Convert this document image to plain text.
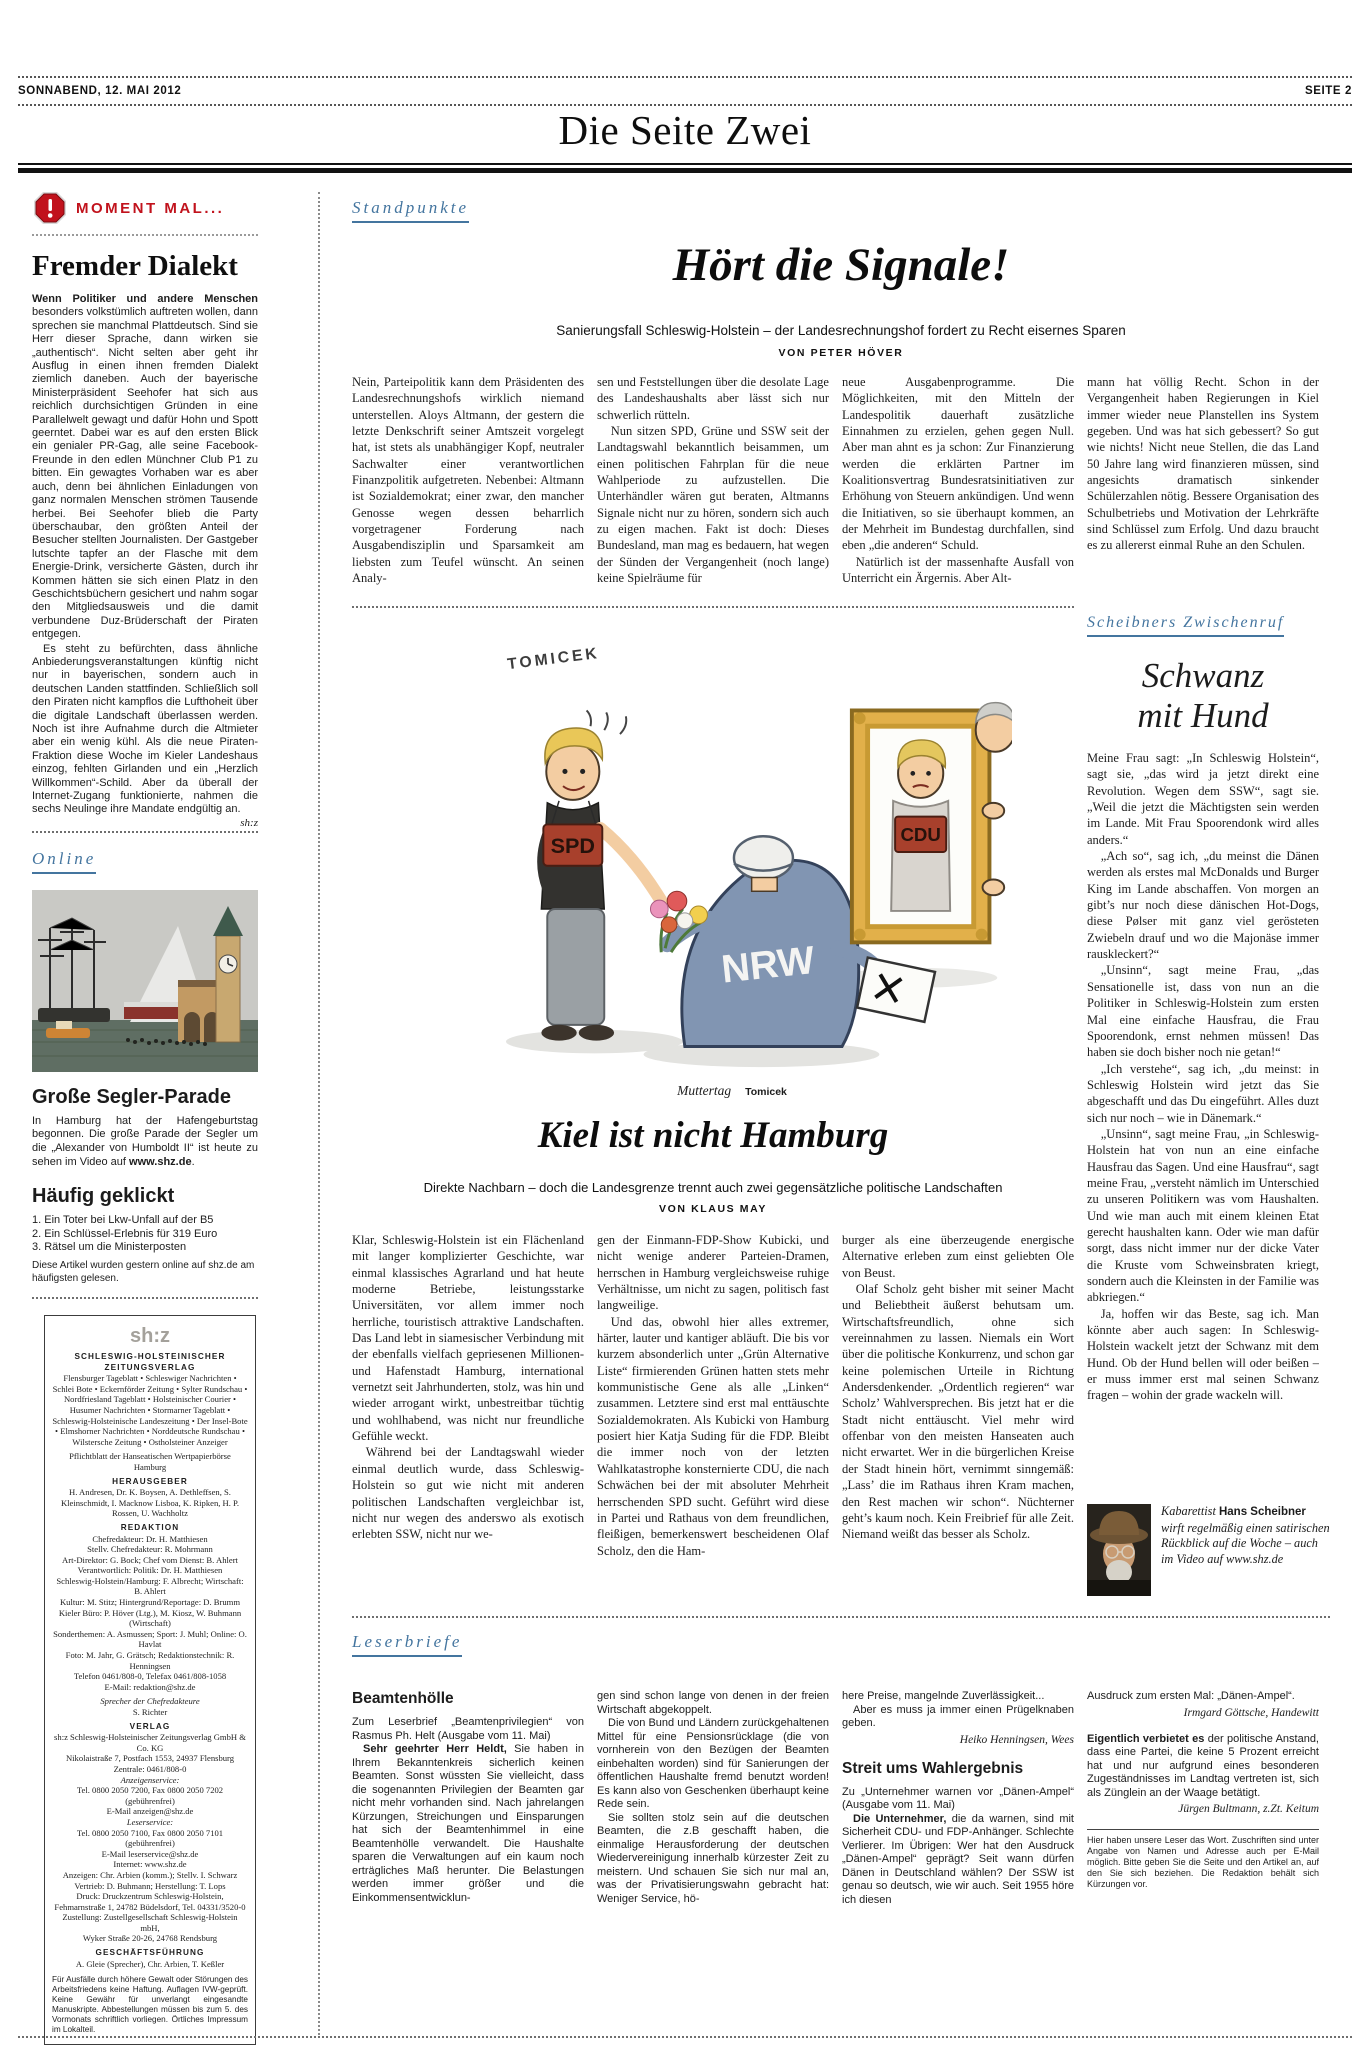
SONNABEND, 12. MAI 2012	SEITE 2
Die Seite Zwei
MOMENT MAL...
Fremder Dialekt

Wenn Politiker und andere Menschen besonders volkstümlich auftreten wollen, dann sprechen sie manchmal Plattdeutsch. Sind sie Herr dieser Sprache, dann wirken sie „authentisch“. Nicht selten aber geht ihr Ausflug in einen ihnen fremden Dialekt ziemlich daneben. Auch der bayerische Ministerpräsident Seehofer hat sich aus reichlich durchsichtigen Gründen in eine Parallelwelt gewagt und dafür Hohn und Spott geerntet. Dabei war es auf den ersten Blick ein genialer PR-Gag, alle seine Facebook-Freunde in den edlen Münchner Club P1 zu bitten. Ein gewagtes Vorhaben war es aber auch, denn bei ähnlichen Einladungen von ganz normalen Menschen strömen Tausende herbei. Bei Seehofer blieb die Party überschaubar, den größten Anteil der Besucher stellten Journalisten. Der Gastgeber lutschte tapfer an der Flasche mit dem Energie-Drink, versicherte Gästen, durch ihr Kommen hätten sie sich einen Platz in den Geschichtsbüchern gesichert und nahm sogar den Mitgliedsausweis und die damit verbundene Duz-Brüderschaft der Piraten entgegen.

Es steht zu befürchten, dass ähnliche Anbiederungsveranstaltungen künftig nicht nur in bayerischen, sondern auch in deutschen Landen stattfinden. Schließlich soll den Piraten nicht kampflos die Lufthoheit über die digitale Landschaft überlassen werden. Noch ist ihre Aufnahme durch die Altmieter aber ein wenig kühl. Als die neue Piraten-Fraktion diese Woche im Kieler Landeshaus einzog, fehlten Girlanden und ein „Herzlich Willkommen“-Schild. Aber da überall der Internet-Zugang funktionierte, nahmen die sechs Neulinge ihre Mandate endgültig an.
sh:z

Online
Große Segler-Parade

In Hamburg hat der Hafengeburtstag begonnen. Die große Parade der Segler um die „Alexander von Humboldt II“ ist heute zu sehen im Video auf www.shz.de.

Häufig geklickt
1. Ein Toter bei Lkw-Unfall auf der B5
2. Ein Schlüssel-Erlebnis für 319 Euro
3. Rätsel um die Ministerposten

Diese Artikel wurden gestern online auf shz.de am häufigsten gelesen.

sh:z
SCHLESWIG-HOLSTEINISCHER ZEITUNGSVERLAG
Flensburger Tageblatt • Schleswiger Nachrichten • Schlei Bote • Eckernförder Zeitung • Sylter Rundschau • Nordfriesland Tageblatt • Holsteinischer Courier • Husumer Nachrichten • Stormarner Tageblatt • Schleswig-Holsteinische Landeszeitung • Der Insel-Bote • Elmshorner Nachrichten • Norddeutsche Rundschau • Wilstersche Zeitung • Ostholsteiner Anzeiger
Pflichtblatt der Hanseatischen Wertpapierbörse Hamburg
HERAUSGEBER
H. Andresen, Dr. K. Boysen, A. Dethleffsen, S. Kleinschmidt, I. Macknow Lisboa, K. Ripken, H. P. Rossen, U. Wachholtz
REDAKTION
Chefredakteur: Dr. H. Matthiesen
Stellv. Chefredakteur: R. Mohrmann
Art-Direktor: G. Bock; Chef vom Dienst: B. Ahlert
Verantwortlich: Politik: Dr. H. Matthiesen
Schleswig-Holstein/Hamburg: F. Albrecht; Wirtschaft: B. Ahlert
Kultur: M. Stitz; Hintergrund/Reportage: D. Brumm
Kieler Büro: P. Höver (Ltg.), M. Kiosz, W. Buhmann (Wirtschaft)
Sonderthemen: A. Asmussen; Sport: J. Muhl; Online: O. Havlat
Foto: M. Jahr, G. Grätsch; Redaktionstechnik: R. Henningsen
Telefon 0461/808-0, Telefax 0461/808-1058
E-Mail: redaktion@shz.de
Sprecher der Chefredakteure
S. Richter
VERLAG
sh:z Schleswig-Holsteinischer Zeitungsverlag GmbH & Co. KG
Nikolaistraße 7, Postfach 1553, 24937 Flensburg
Zentrale: 0461/808-0
Anzeigenservice:
Tel. 0800 2050 7200, Fax 0800 2050 7202 (gebührenfrei)
E-Mail anzeigen@shz.de
Leserservice:
Tel. 0800 2050 7100, Fax 0800 2050 7101 (gebührenfrei)
E-Mail leserservice@shz.de
Internet: www.shz.de
Anzeigen: Chr. Arbien (komm.); Stellv. I. Schwarz
Vertrieb: D. Buhmann; Herstellung: T. Lops
Druck: Druckzentrum Schleswig-Holstein,
Fehmarnstraße 1, 24782 Büdelsdorf, Tel. 04331/3520-0
Zustellung: Zustellgesellschaft Schleswig-Holstein mbH,
Wyker Straße 20-26, 24768 Rendsburg
GESCHÄFTSFÜHRUNG
A. Gleie (Sprecher), Chr. Arbien, T. Keßler
Für Ausfälle durch höhere Gewalt oder Störungen des Arbeitsfriedens keine Haftung. Auflagen IVW-geprüft. Keine Gewähr für unverlangt eingesandte Manuskripte. Abbestellungen müssen bis zum 5. des Vormonats schriftlich vorliegen. Örtliches Impressum im Lokalteil.
Standpunkte
Hört die Signale!
Sanierungsfall Schleswig-Holstein – der Landesrechnungshof fordert zu Recht eisernes Sparen
VON PETER HÖVER

Nein, Parteipolitik kann dem Präsidenten des Landesrechnungshofs wirklich niemand unterstellen. Aloys Altmann, der gestern die letzte Denkschrift seiner Amtszeit vorgelegt hat, ist stets als unabhängiger Kopf, neutraler Sachwalter einer verantwortlichen Finanzpolitik aufgetreten. Nebenbei: Altmann ist Sozialdemokrat; einer zwar, den mancher Genosse wegen dessen beharrlich vorgetragener Forderung nach Ausgabendisziplin und Sparsamkeit am liebsten zum Teufel wünscht. An seinen Analy-

sen und Feststellungen über die desolate Lage des Landeshaushalts aber lässt sich nur schwerlich rütteln.

Nun sitzen SPD, Grüne und SSW seit der Landtagswahl bekanntlich beisammen, um einen politischen Fahrplan für die neue Wahlperiode zu aufzustellen. Die Unterhändler wären gut beraten, Altmanns Signale nicht nur zu hören, sondern sich auch zu eigen machen. Fakt ist doch: Dieses Bundesland, man mag es bedauern, hat wegen der Sünden der Vergangenheit (noch lange) keine Spielräume für

neue Ausgabenprogramme. Die Möglichkeiten, mit den Mitteln der Landespolitik dauerhaft zusätzliche Einnahmen zu erzielen, gehen gegen Null. Aber man ahnt es ja schon: Zur Finanzierung werden die erklärten Partner im Koalitionsvertrag Bundesratsinitiativen zur Erhöhung von Steuern ankündigen. Und wenn die Initiativen, so sie überhaupt kommen, an der Mehrheit im Bundestag durchfallen, sind eben „die anderen“ Schuld.

Natürlich ist der massenhafte Ausfall von Unterricht ein Ärgernis. Aber Alt-

mann hat völlig Recht. Schon in der Vergangenheit haben Regierungen in Kiel immer wieder neue Planstellen ins System gegeben. Und was hat sich gebessert? So gut wie nichts! Nicht neue Stellen, die das Land 50 Jahre lang wird finanzieren müssen, sind angesichts dramatisch sinkender Schülerzahlen nötig. Bessere Organisation des Schulbetriebs und Motivation der Lehrkräfte sind Schlüssel zum Erfolg. Und dazu braucht es zu allererst einmal Ruhe an den Schulen.

Scheibners Zwischenruf
Schwanz
mit Hund

Meine Frau sagt: „In Schleswig Holstein“, sagt sie, „das wird ja jetzt direkt eine Revolution. Wegen dem SSW“, sagt sie. „Weil die jetzt die Mächtigsten sein werden im Lande. Mit Frau Spoorendonk wird alles anders.“

„Ach so“, sag ich, „du meinst die Dänen werden als erstes mal McDonalds und Burger King im Lande abschaffen. Von morgen an gibt’s nur noch diese dänischen Hot-Dogs, diese Pølser mit ganz viel gerösteten Zwiebeln drauf und wo die Majonäse immer rauskleckert?“

„Unsinn“, sagt meine Frau, „das Sensationelle ist, dass von nun an die Politiker in Schleswig-Holstein zum ersten Mal eine einfache Hausfrau, die Frau Spoorendonk, ernst nehmen müssen! Das haben sie doch bisher noch nie getan!“

„Ich verstehe“, sag ich, „du meinst: in Schleswig Holstein wird jetzt das Sie abgeschafft und das Du eingeführt. Alles duzt sich nur noch – wie in Dänemark.“

„Unsinn“, sagt meine Frau, „in Schleswig-Holstein hat von nun an eine einfache Hausfrau das Sagen. Und eine Hausfrau“, sagt meine Frau, „versteht nämlich im Unterschied zu unseren Politikern was vom Haushalten. Und wie man auch mit einem kleinen Etat gerecht haushalten kann. Oder wie man dafür sorgt, dass nicht immer nur der dicke Vater die Kruste vom Schweinsbraten kriegt, sondern auch die Kleinsten in der Familie was abkriegen.“

Ja, hoffen wir das Beste, sag ich. Man könnte aber auch sagen: In Schleswig-Holstein wackelt jetzt der Schwanz mit dem Hund. Ob der Hund bellen will oder beißen – er muss immer erst mal seinen Schwanz fragen – wohin der grade wackeln will.

Kabarettist Hans Scheibner wirft regelmäßig einen satirischen Rückblick auf die Woche – auch im Video auf www.shz.de
TOMICEK
SPD
NRW
CDU
Muttertag Tomicek
Kiel ist nicht Hamburg
Direkte Nachbarn – doch die Landesgrenze trennt auch zwei gegensätzliche politische Landschaften
VON KLAUS MAY

Klar, Schleswig-Holstein ist ein Flächenland mit langer komplizierter Geschichte, war einmal klassisches Agrarland und hat heute moderne Betriebe, leistungsstarke Universitäten, vor allem immer noch herrliche, touristisch attraktive Landschaften. Das Land lebt in siamesischer Verbindung mit der ebenfalls vielfach gepriesenen Millionen- und Hafenstadt Hamburg, international vernetzt seit Jahrhunderten, stolz, was hin und wieder arrogant wirkt, unbestreitbar tüchtig und wohlhabend, was nicht nur freundliche Gefühle weckt.

Während bei der Landtagswahl wieder einmal deutlich wurde, dass Schleswig-Holstein so gut wie nicht mit anderen politischen Landschaften vergleichbar ist, nicht nur wegen des anderswo als exotisch erlebten SSW, nicht nur we-

gen der Einmann-FDP-Show Kubicki, und nicht wenige anderer Parteien-Dramen, herrschen in Hamburg vergleichsweise ruhige Verhältnisse, um nicht zu sagen, politisch fast langweilige.

Und das, obwohl hier alles extremer, härter, lauter und kantiger abläuft. Die bis vor kurzem absonderlich unter „Grün Alternative Liste“ firmierenden Grünen hatten stets mehr kommunistische Gene als alle „Linken“ zusammen. Letztere sind erst mal enttäuschte Sozialdemokraten. Als Kubicki von Hamburg posiert hier Katja Suding für die FDP. Bleibt die immer noch von der letzten Wahlkatastrophe konsternierte CDU, die nach Schwächen bei der mit absoluter Mehrheit herrschenden SPD sucht. Geführt wird diese in Partei und Rathaus von dem freundlichen, fleißigen, bemerkenswert bescheidenen Olaf Scholz, den die Ham-

burger als eine überzeugende energische Alternative erleben zum einst geliebten Ole von Beust.

Olaf Scholz geht bisher mit seiner Macht und Beliebtheit äußerst behutsam um. Wirtschaftsfreundlich, ohne sich vereinnahmen zu lassen. Niemals ein Wort über die politische Konkurrenz, und schon gar keine polemischen Urteile in Richtung Andersdenkender. „Ordentlich regieren“ war Scholz’ Wahlversprechen. Bis jetzt hat er die Stadt nicht enttäuscht. Viel mehr wird offenbar von den meisten Hanseaten auch nicht erwartet. Wer in die bürgerlichen Kreise der Stadt hinein hört, vernimmt sinngemäß: „Lass’ die im Rathaus ihren Kram machen, den Rest machen wir schon“. Nüchterner geht’s kaum noch. Kein Freibrief für alle Zeit. Niemand weißt das besser als Scholz.

Leserbriefe
Beamtenhölle

Zum Leserbrief „Beamtenprivilegien“ von Rasmus Ph. Helt (Ausgabe vom 11. Mai)

Sehr geehrter Herr Heldt, Sie haben in Ihrem Bekanntenkreis sicherlich keinen Beamten. Sonst wüssten Sie vielleicht, dass die sogenannten Privilegien der Beamten gar nicht mehr vorhanden sind. Nach jahrelangen Kürzungen, Streichungen und Einsparungen hat sich der Beamtenhimmel in eine Beamtenhölle verwandelt. Die Haushalte sparen die Verwaltungen auf ein kaum noch erträgliches Maß herunter. Die Belastungen werden immer größer und die Einkommensentwicklun-

gen sind schon lange von denen in der freien Wirtschaft abgekoppelt.

Die von Bund und Ländern zurückgehaltenen Mittel für eine Pensionsrücklage (die von vornherein von den Bezügen der Beamten einbehalten worden) sind für Sanierungen der öffentlichen Haushalte fremd benutzt worden! Es kann also von Geschenken überhaupt keine Rede sein.

Sie sollten stolz sein auf die deutschen Beamten, die z.B geschafft haben, die einmalige Herausforderung der deutschen Wiedervereinigung innerhalb kürzester Zeit zu meistern. Und schauen Sie sich nur mal an, was der Privatisierungswahn gebracht hat: Weniger Service, hö-

here Preise, mangelnde Zuverlässigkeit...

Aber es muss ja immer einen Prügelknaben geben.

Heiko Henningsen, Wees
Streit ums Wahlergebnis

Zu „Unternehmer warnen vor „Dänen-Ampel“ (Ausgabe vom 11. Mai)

Die Unternehmer, die da warnen, sind mit Sicherheit CDU- und FDP-Anhänger. Schlechte Verlierer. Im Übrigen: Wer hat den Ausdruck „Dänen-Ampel“ geprägt? Seit wann dürfen Dänen in Deutschland wählen? Der SSW ist genau so deutsch, wie wir auch. Seit 1955 höre ich diesen

Ausdruck zum ersten Mal: „Dänen-Ampel“.

Irmgard Göttsche, Handewitt

Eigentlich verbietet es der politische Anstand, dass eine Partei, die keine 5 Prozent erreicht hat und nur aufgrund eines besonderen Zugeständnisses im Landtag vertreten ist, sich als Zünglein an der Waage betätigt.

Jürgen Bultmann, z.Zt. Keitum
Hier haben unsere Leser das Wort. Zuschriften sind unter Angabe von Namen und Adresse auch per E-Mail möglich. Bitte geben Sie die Seite und den Artikel an, auf den Sie sich beziehen. Die Redaktion behält sich Kürzungen vor.
